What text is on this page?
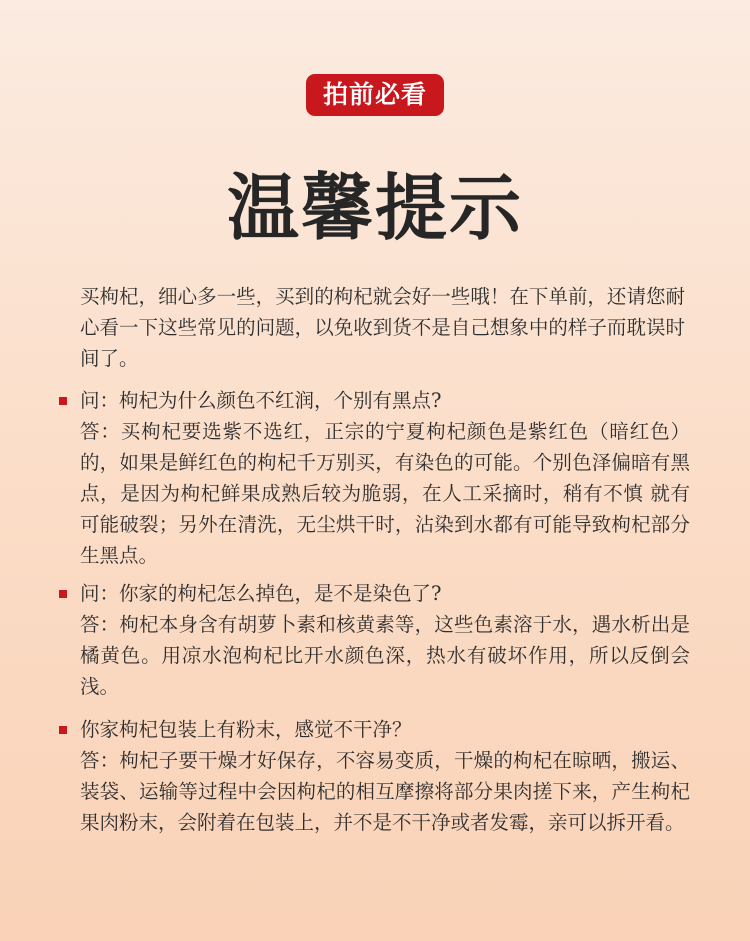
拍前必看
温馨提示

买枸杞，细心多一些，买到的枸杞就会好一些哦！在下单前，还请您耐心看一下这些常见的问题，以免收到货不是自己想象中的样子而耽误时间了。

问：枸杞为什么颜色不红润，个别有黑点?

答：买枸杞要选紫不选红，正宗的宁夏枸杞颜色是紫红色（暗红色）的，如果是鲜红色的枸杞千万别买，有染色的可能。个别色泽偏暗有黑点，是因为枸杞鲜果成熟后较为脆弱，在人工采摘时，稍有不慎 就有可能破裂；另外在清洗，无尘烘干时，沾染到水都有可能导致枸杞部分生黑点。

问：你家的枸杞怎么掉色，是不是染色了?

答：枸杞本身含有胡萝卜素和核黄素等，这些色素溶于水，遇水析出是橘黄色。用凉水泡枸杞比开水颜色深，热水有破坏作用，所以反倒会浅。

你家枸杞包装上有粉末，感觉不干净？

答：枸杞子要干燥才好保存，不容易变质，干燥的枸杞在晾晒，搬运、装袋、运输等过程中会因枸杞的相互摩擦将部分果肉搓下来，产生枸杞果肉粉末，会附着在包装上，并不是不干净或者发霉，亲可以拆开看。
